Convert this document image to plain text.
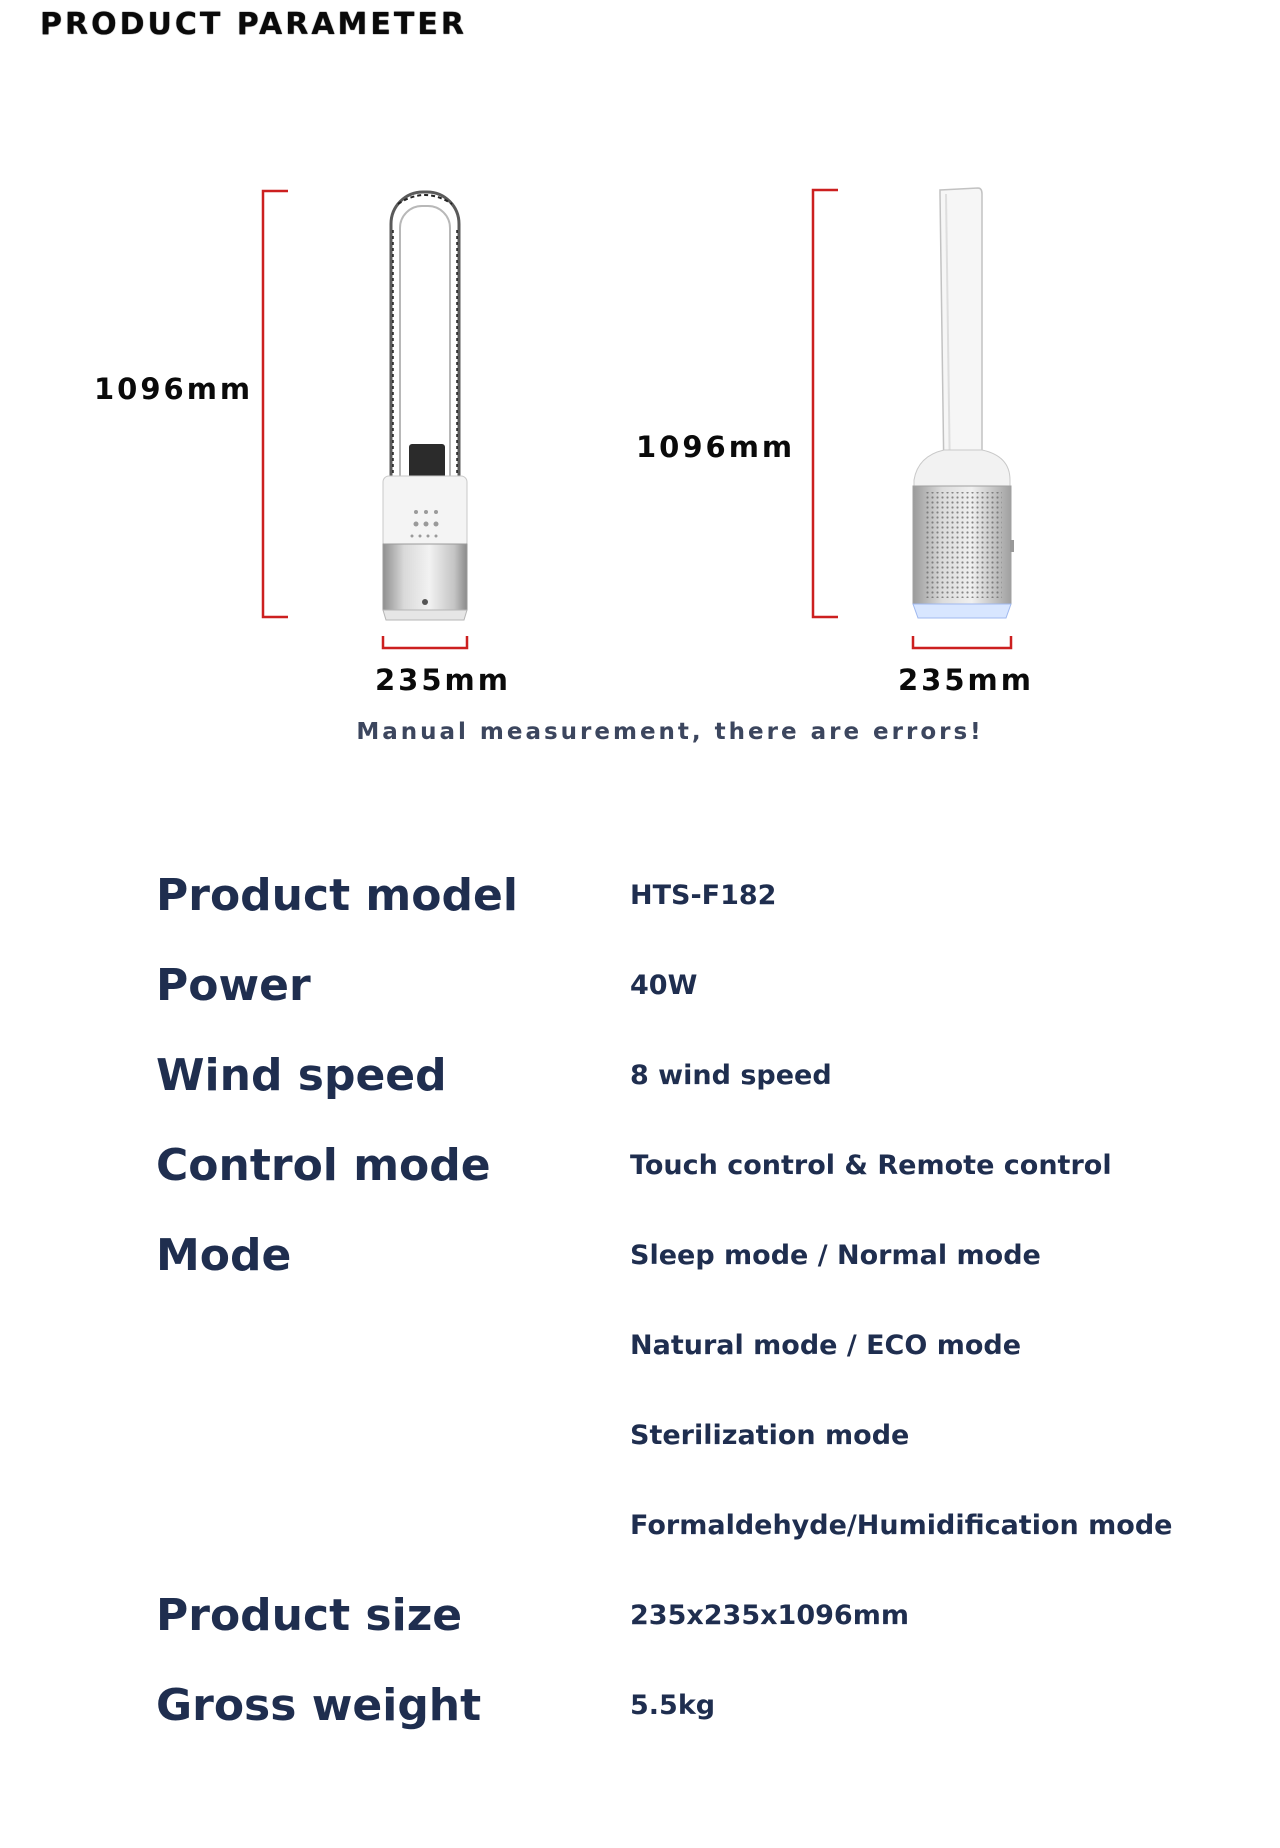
PRODUCT PARAMETER
1096mm
235mm
1096mm
235mm
Manual measurement, there are errors!
Product model	HTS-F182
Power	40W
Wind speed	8 wind speed
Control mode	Touch control & Remote control
Mode	Sleep mode / Normal mode
Natural mode / ECO mode
Sterilization mode
Formaldehyde/Humidification mode
Product size	235x235x1096mm
Gross weight	5.5kg
